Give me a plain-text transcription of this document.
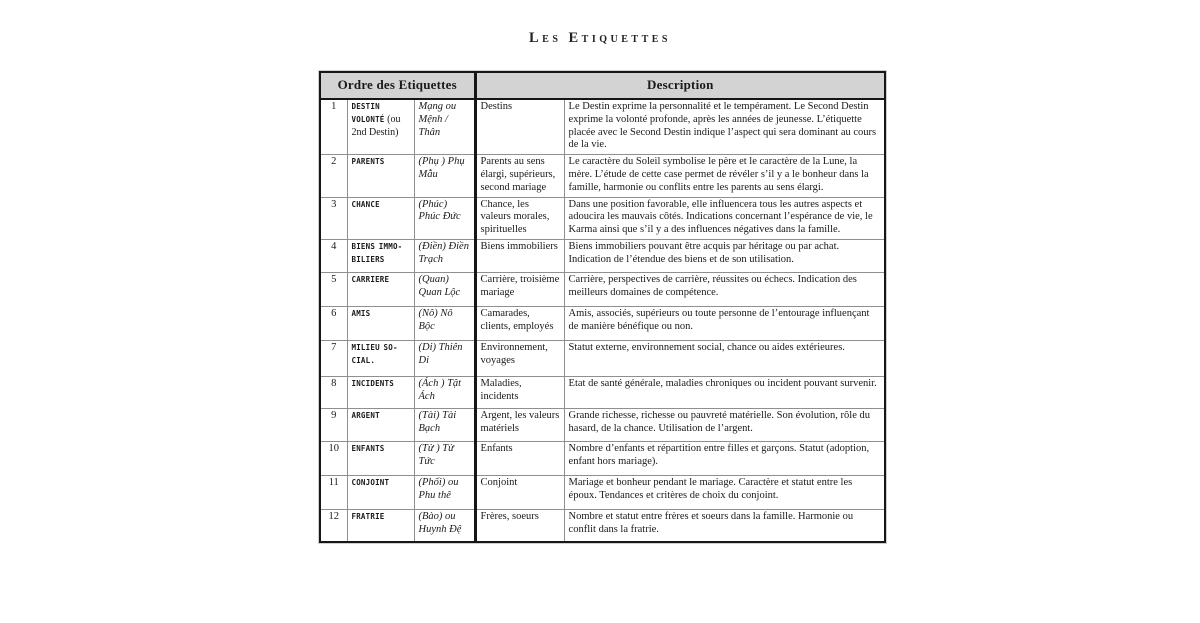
Les Etiquettes
Ordre des Etiquettes			Description	
1	DESTIN VOLONTÉ (ou 2nd Destin)	Mạng ou Mệnh / Thân	Destins	Le Destin exprime la personnalité et le tempérament. Le Second Destin exprime la volonté profonde, après les années de jeunesse. L’étiquette placée avec le Second Destin indique l’aspect qui sera dominant au cours de la vie.
2	PARENTS	(Phụ ) Phụ Mẫu	Parents au sens élargi, supérieurs, second mariage	Le caractère du Soleil symbolise le père et le caractère de la Lune, la mère. L’étude de cette case permet de révéler s’il y a le bonheur dans la famille, harmonie ou conflits entre les parents au sens élargi.
3	CHANCE	(Phúc) Phúc Đức	Chance, les valeurs morales, spirituelles	Dans une position favorable, elle influencera tous les autres aspects et adoucira les mauvais côtés. Indications concernant l’espérance de vie, le Karma ainsi que s’il y a des influences négatives dans la famille.
4	BIENS IMMO-BILIERS	(Điền) Điền Trạch	Biens immobiliers	Biens immobiliers pouvant être acquis par héritage ou par achat. Indication de l’étendue des biens et de son utilisation.
5	CARRIERE	(Quan) Quan Lộc	Carrière, troisième mariage	Carrière, perspectives de carrière, réussites ou échecs. Indication des meilleurs domaines de compétence.
6	AMIS	(Nô) Nô Bộc	Camarades, clients, employés	Amis, associés, supérieurs ou toute personne de l’entourage influençant de manière bénéfique ou non.
7	MILIEU SO-CIAL.	(Di) Thiên Di	Environnement, voyages	Statut externe, environnement social, chance ou aides extérieures.
8	INCIDENTS	(Ách ) Tật Ách	Maladies, incidents	Etat de santé générale, maladies chroniques ou incident pouvant survenir.
9	ARGENT	(Tài) Tài Bạch	Argent, les valeurs matériels	Grande richesse, richesse ou pauvreté matérielle. Son évolution, rôle du hasard, de la chance. Utilisation de l’argent.
10	ENFANTS	(Tử ) Tử Tức	Enfants	Nombre d’enfants et répartition entre filles et garçons. Statut (adoption, enfant hors mariage).
11	CONJOINT	(Phối) ou Phu thê	Conjoint	Mariage et bonheur pendant le mariage. Caractère et statut entre les époux. Tendances et critères de choix du conjoint.
12	FRATRIE	(Bào) ou Huynh Đệ	Frères, soeurs	Nombre et statut entre frères et soeurs dans la famille. Harmonie ou conflit dans la fratrie.
